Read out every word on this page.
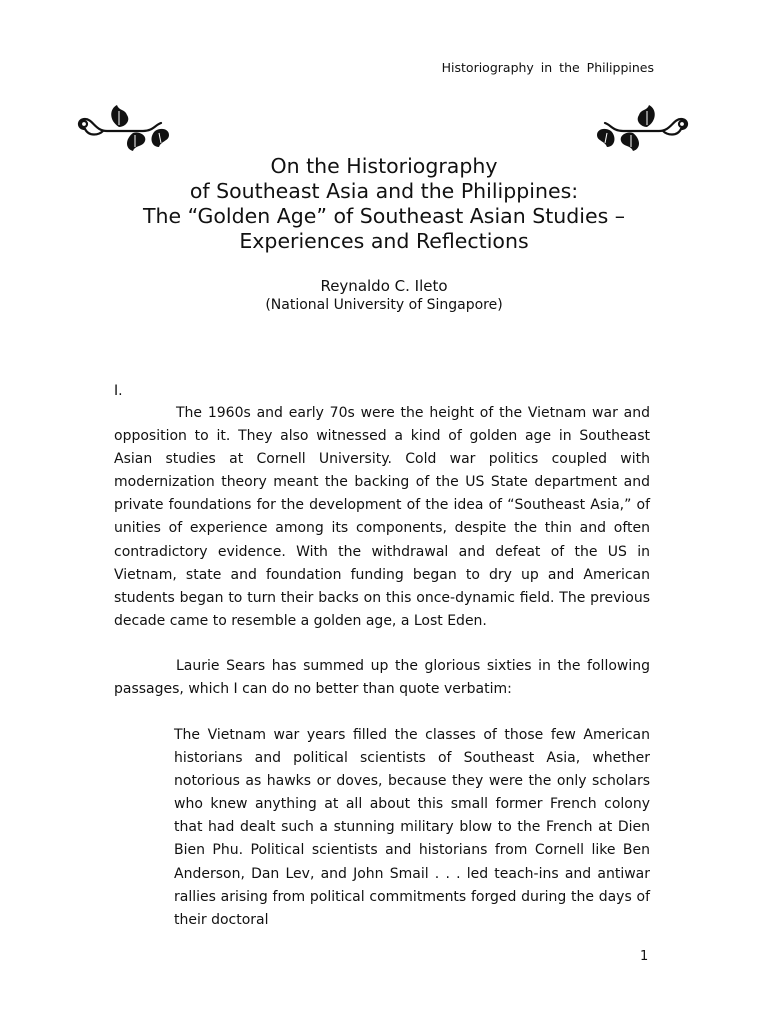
Historiography in the Philippines
On the Historiography
of Southeast Asia and the Philippines:
The “Golden Age” of Southeast Asian Studies –
Experiences and Reflections
Reynaldo C. Ileto
(National University of Singapore)
I.

The 1960s and early 70s were the height of the Vietnam war and opposition to it. They also witnessed a kind of golden age in Southeast Asian studies at Cornell University. Cold war politics coupled with modernization theory meant the backing of the US State department and private foundations for the development of the idea of “Southeast Asia,” of unities of experience among its components, despite the thin and often contradictory evidence. With the withdrawal and defeat of the US in Vietnam, state and foundation funding began to dry up and American students began to turn their backs on this once-dynamic field. The previous decade came to resemble a golden age, a Lost Eden.

Laurie Sears has summed up the glorious sixties in the following passages, which I can do no better than quote verbatim:

The Vietnam war years filled the classes of those few American historians and political scientists of Southeast Asia, whether notorious as hawks or doves, because they were the only scholars who knew anything at all about this small former French colony that had dealt such a stunning military blow to the French at Dien Bien Phu. Political scientists and historians from Cornell like Ben Anderson, Dan Lev, and John Smail . . . led teach-ins and antiwar rallies arising from political commitments forged during the days of their doctoral

1
